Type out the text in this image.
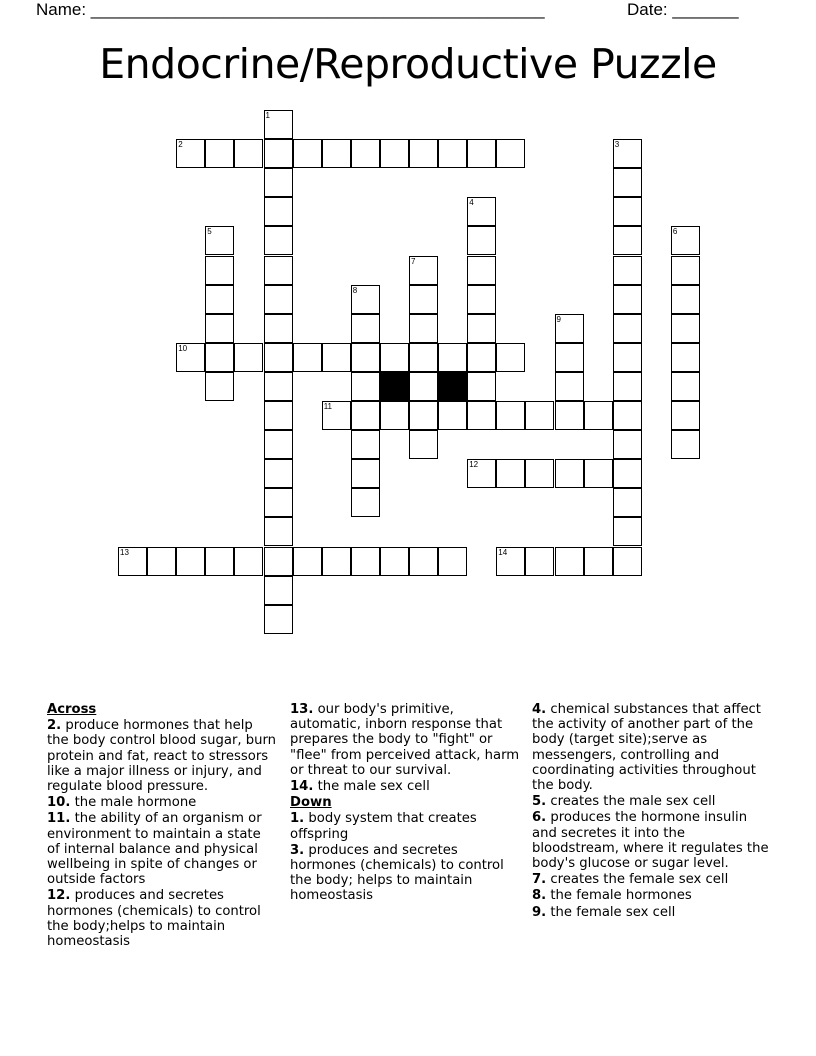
Name: ________________________________________________	Date: _______
Endocrine/Reproductive Puzzle
1
2	3
4
5	6
7
8
9
10
11
12
13	14
Across

2. produce hormones that help the body control blood sugar, burn protein and fat, react to stressors like a major illness or injury, and regulate blood pressure.

10. the male hormone

11. the ability of an organism or environment to maintain a state of internal balance and physical wellbeing in spite of changes or outside factors

12. produces and secretes hormones (chemicals) to control the body;helps to maintain homeostasis

13. our body's primitive, automatic, inborn response that prepares the body to "fight" or "flee" from perceived attack, harm or threat to our survival.

14. the male sex cell

Down

1. body system that creates offspring

3. produces and secretes hormones (chemicals) to control the body; helps to maintain homeostasis

4. chemical substances that affect the activity of another part of the body (target site);serve as messengers, controlling and coordinating activities throughout the body.

5. creates the male sex cell

6. produces the hormone insulin and secretes it into the bloodstream, where it regulates the body's glucose or sugar level.

7. creates the female sex cell

8. the female hormones

9. the female sex cell
